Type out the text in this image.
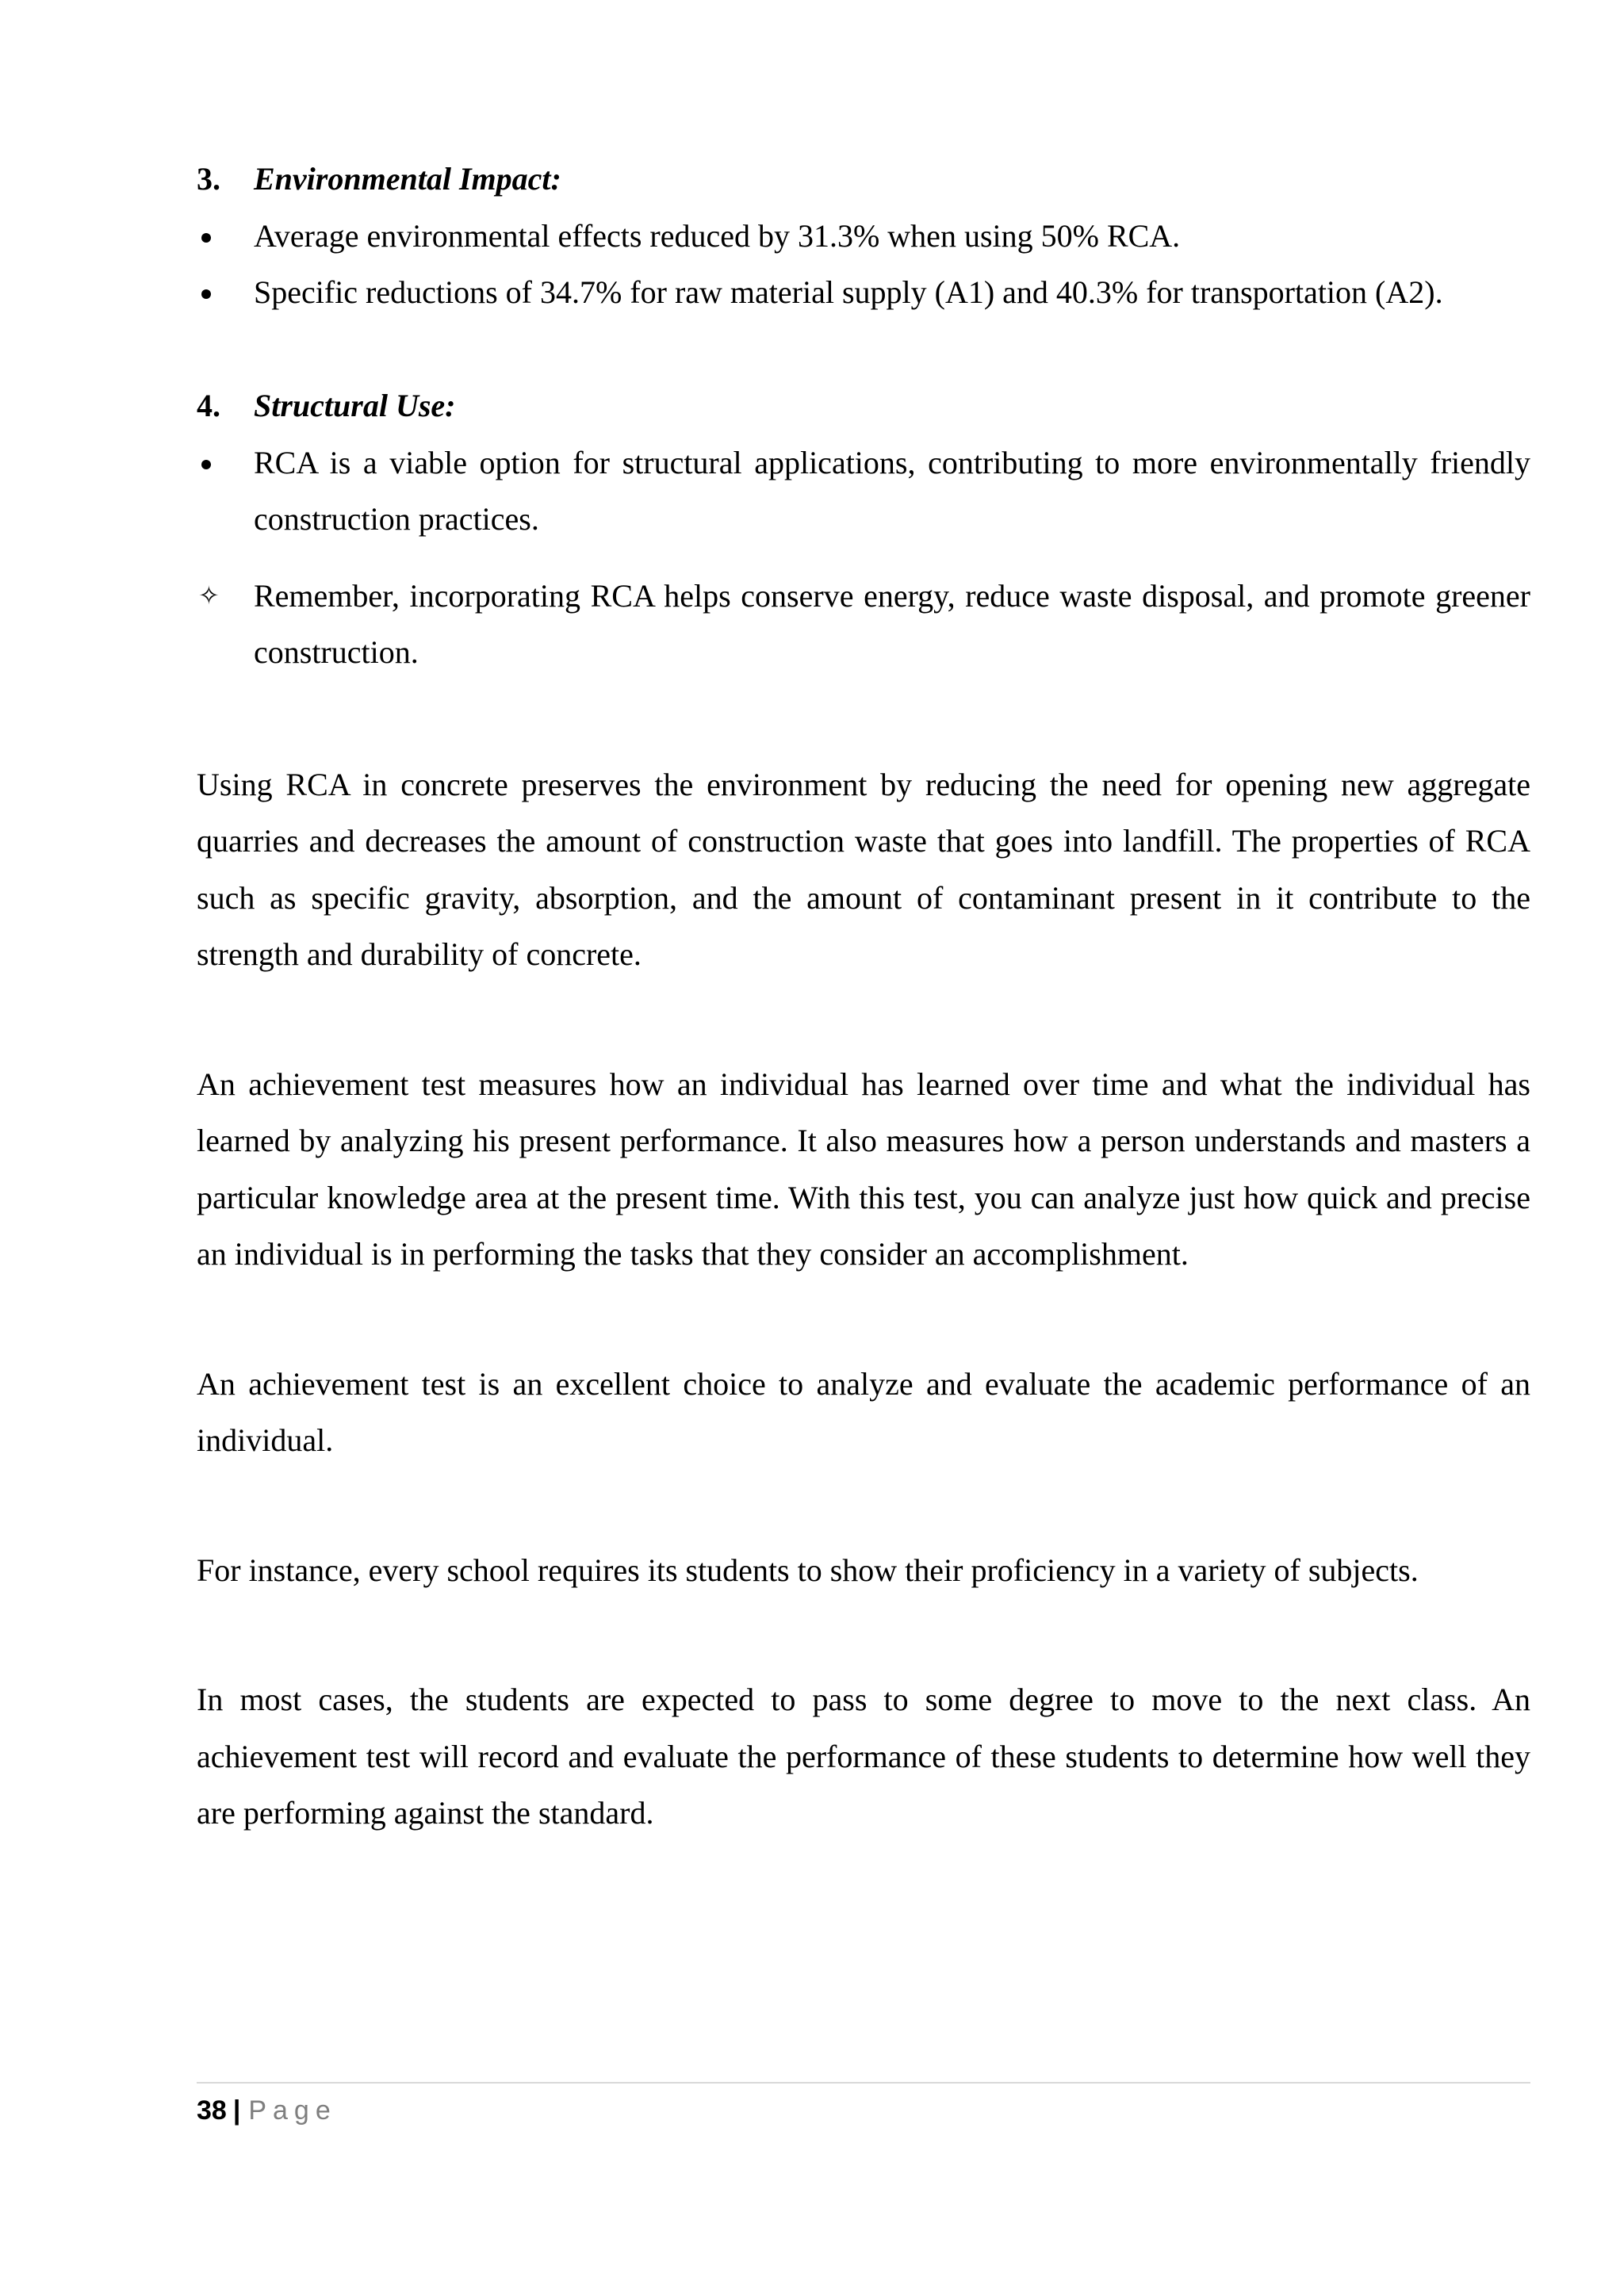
3.	Environmental Impact:
Average environmental effects reduced by 31.3% when using 50% RCA.
Specific reductions of 34.7% for raw material supply (A1) and 40.3% for transportation (A2).
4.	Structural Use:
RCA is a viable option for structural applications, contributing to more environmentally friendly construction practices.
✧ Remember, incorporating RCA helps conserve energy, reduce waste disposal, and promote greener construction.

Using RCA in concrete preserves the environment by reducing the need for opening new aggregate quarries and decreases the amount of construction waste that goes into landfill. The properties of RCA such as specific gravity, absorption, and the amount of contaminant present in it contribute to the strength and durability of concrete.

An achievement test measures how an individual has learned over time and what the individual has learned by analyzing his present performance. It also measures how a person understands and masters a particular knowledge area at the present time. With this test, you can analyze just how quick and precise an individual is in performing the tasks that they consider an accomplishment.

An achievement test is an excellent choice to analyze and evaluate the academic performance of an individual.

For instance, every school requires its students to show their proficiency in a variety of subjects.

In most cases, the students are expected to pass to some degree to move to the next class. An achievement test will record and evaluate the performance of these students to determine how well they are performing against the standard.

38 | Page
